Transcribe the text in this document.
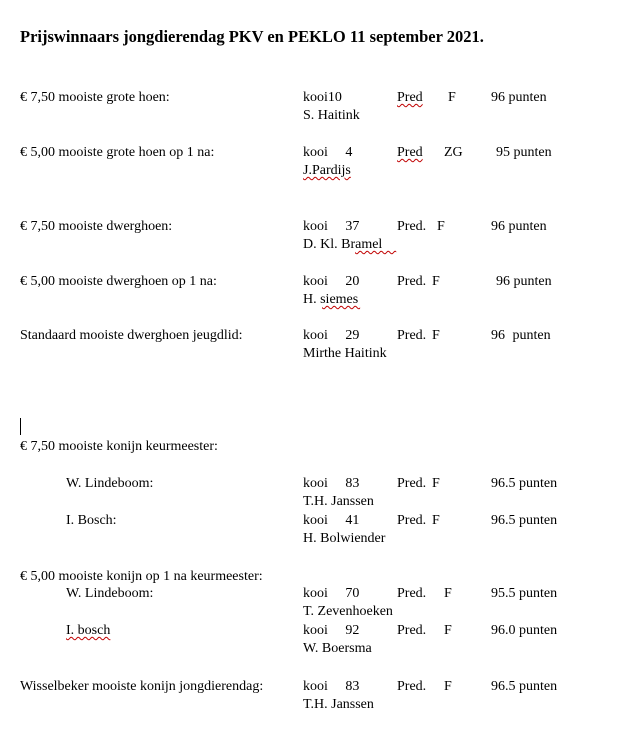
Prijswinnaars jongdierendag PKV en PEKLO 11 september 2021.
€ 7,50 mooiste grote hoen:	kooi10	Pred F	96 punten
S. Haitink
€ 5,00 mooiste grote hoen op 1 na:	kooi 4	Pred ZG 95 punten
J.Pardijs
€ 7,50 mooiste dwerghoen:	kooi 37	Pred. F	96 punten
D. Kl. Bramel
€ 5,00 mooiste dwerghoen op 1 na:	kooi 20	Pred. F	96 punten
H. siemes
Standaard mooiste dwerghoen jeugdlid:	kooi 29	Pred. F	96 punten
Mirthe Haitink
€ 7,50 mooiste konijn keurmeester:
W. Lindeboom:	kooi 83	Pred. F	96.5 punten
T.H. Janssen
I. Bosch:	kooi 41	Pred. F	96.5 punten
H. Bolwiender
€ 5,00 mooiste konijn op 1 na keurmeester:
W. Lindeboom:	kooi 70	Pred. F	95.5 punten
T. Zevenhoeken
I. bosch	kooi 92	Pred. F	96.0 punten
W. Boersma
Wisselbeker mooiste konijn jongdierendag:	kooi 83	Pred. F	96.5 punten
T.H. Janssen
